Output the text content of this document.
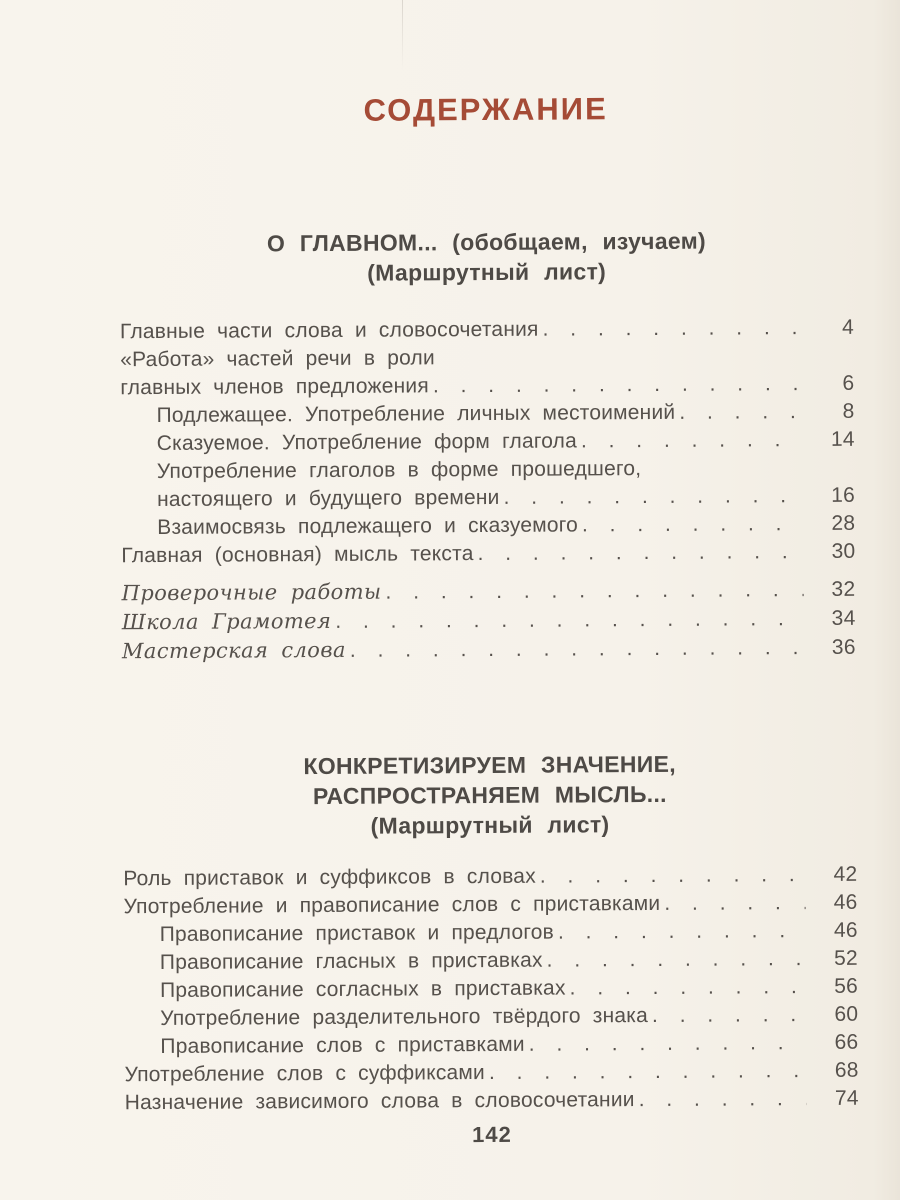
СОДЕРЖАНИЕ
О ГЛАВНОМ... (обобщаем, изучаем)
(Маршрутный лист)
Главные части слова и словосочетания . . .	4
«Работа» частей речи в роли
главных членов предложения . . .	6
Подлежащее. Употребление личных местоимений . . .	8
Сказуемое. Употребление форм глагола . . .	14
Употребление глаголов в форме прошедшего,
настоящего и будущего времени . . .	16
Взаимосвязь подлежащего и сказуемого . . .	28
Главная (основная) мысль текста . . .	30
Проверочные работы . . .	32
Школа Грамотея . . .	34
Мастерская слова . . .	36
КОНКРЕТИЗИРУЕМ ЗНАЧЕНИЕ,
РАСПРОСТРАНЯЕМ МЫСЛЬ...
(Маршрутный лист)
Роль приставок и суффиксов в словах . . .	42
Употребление и правописание слов с приставками . . .	46
Правописание приставок и предлогов . . .	46
Правописание гласных в приставках . . .	52
Правописание согласных в приставках . . .	56
Употребление разделительного твёрдого знака . . .	60
Правописание слов с приставками . . .	66
Употребление слов с суффиксами . . .	68
Назначение зависимого слова в словосочетании . . .	74
142
